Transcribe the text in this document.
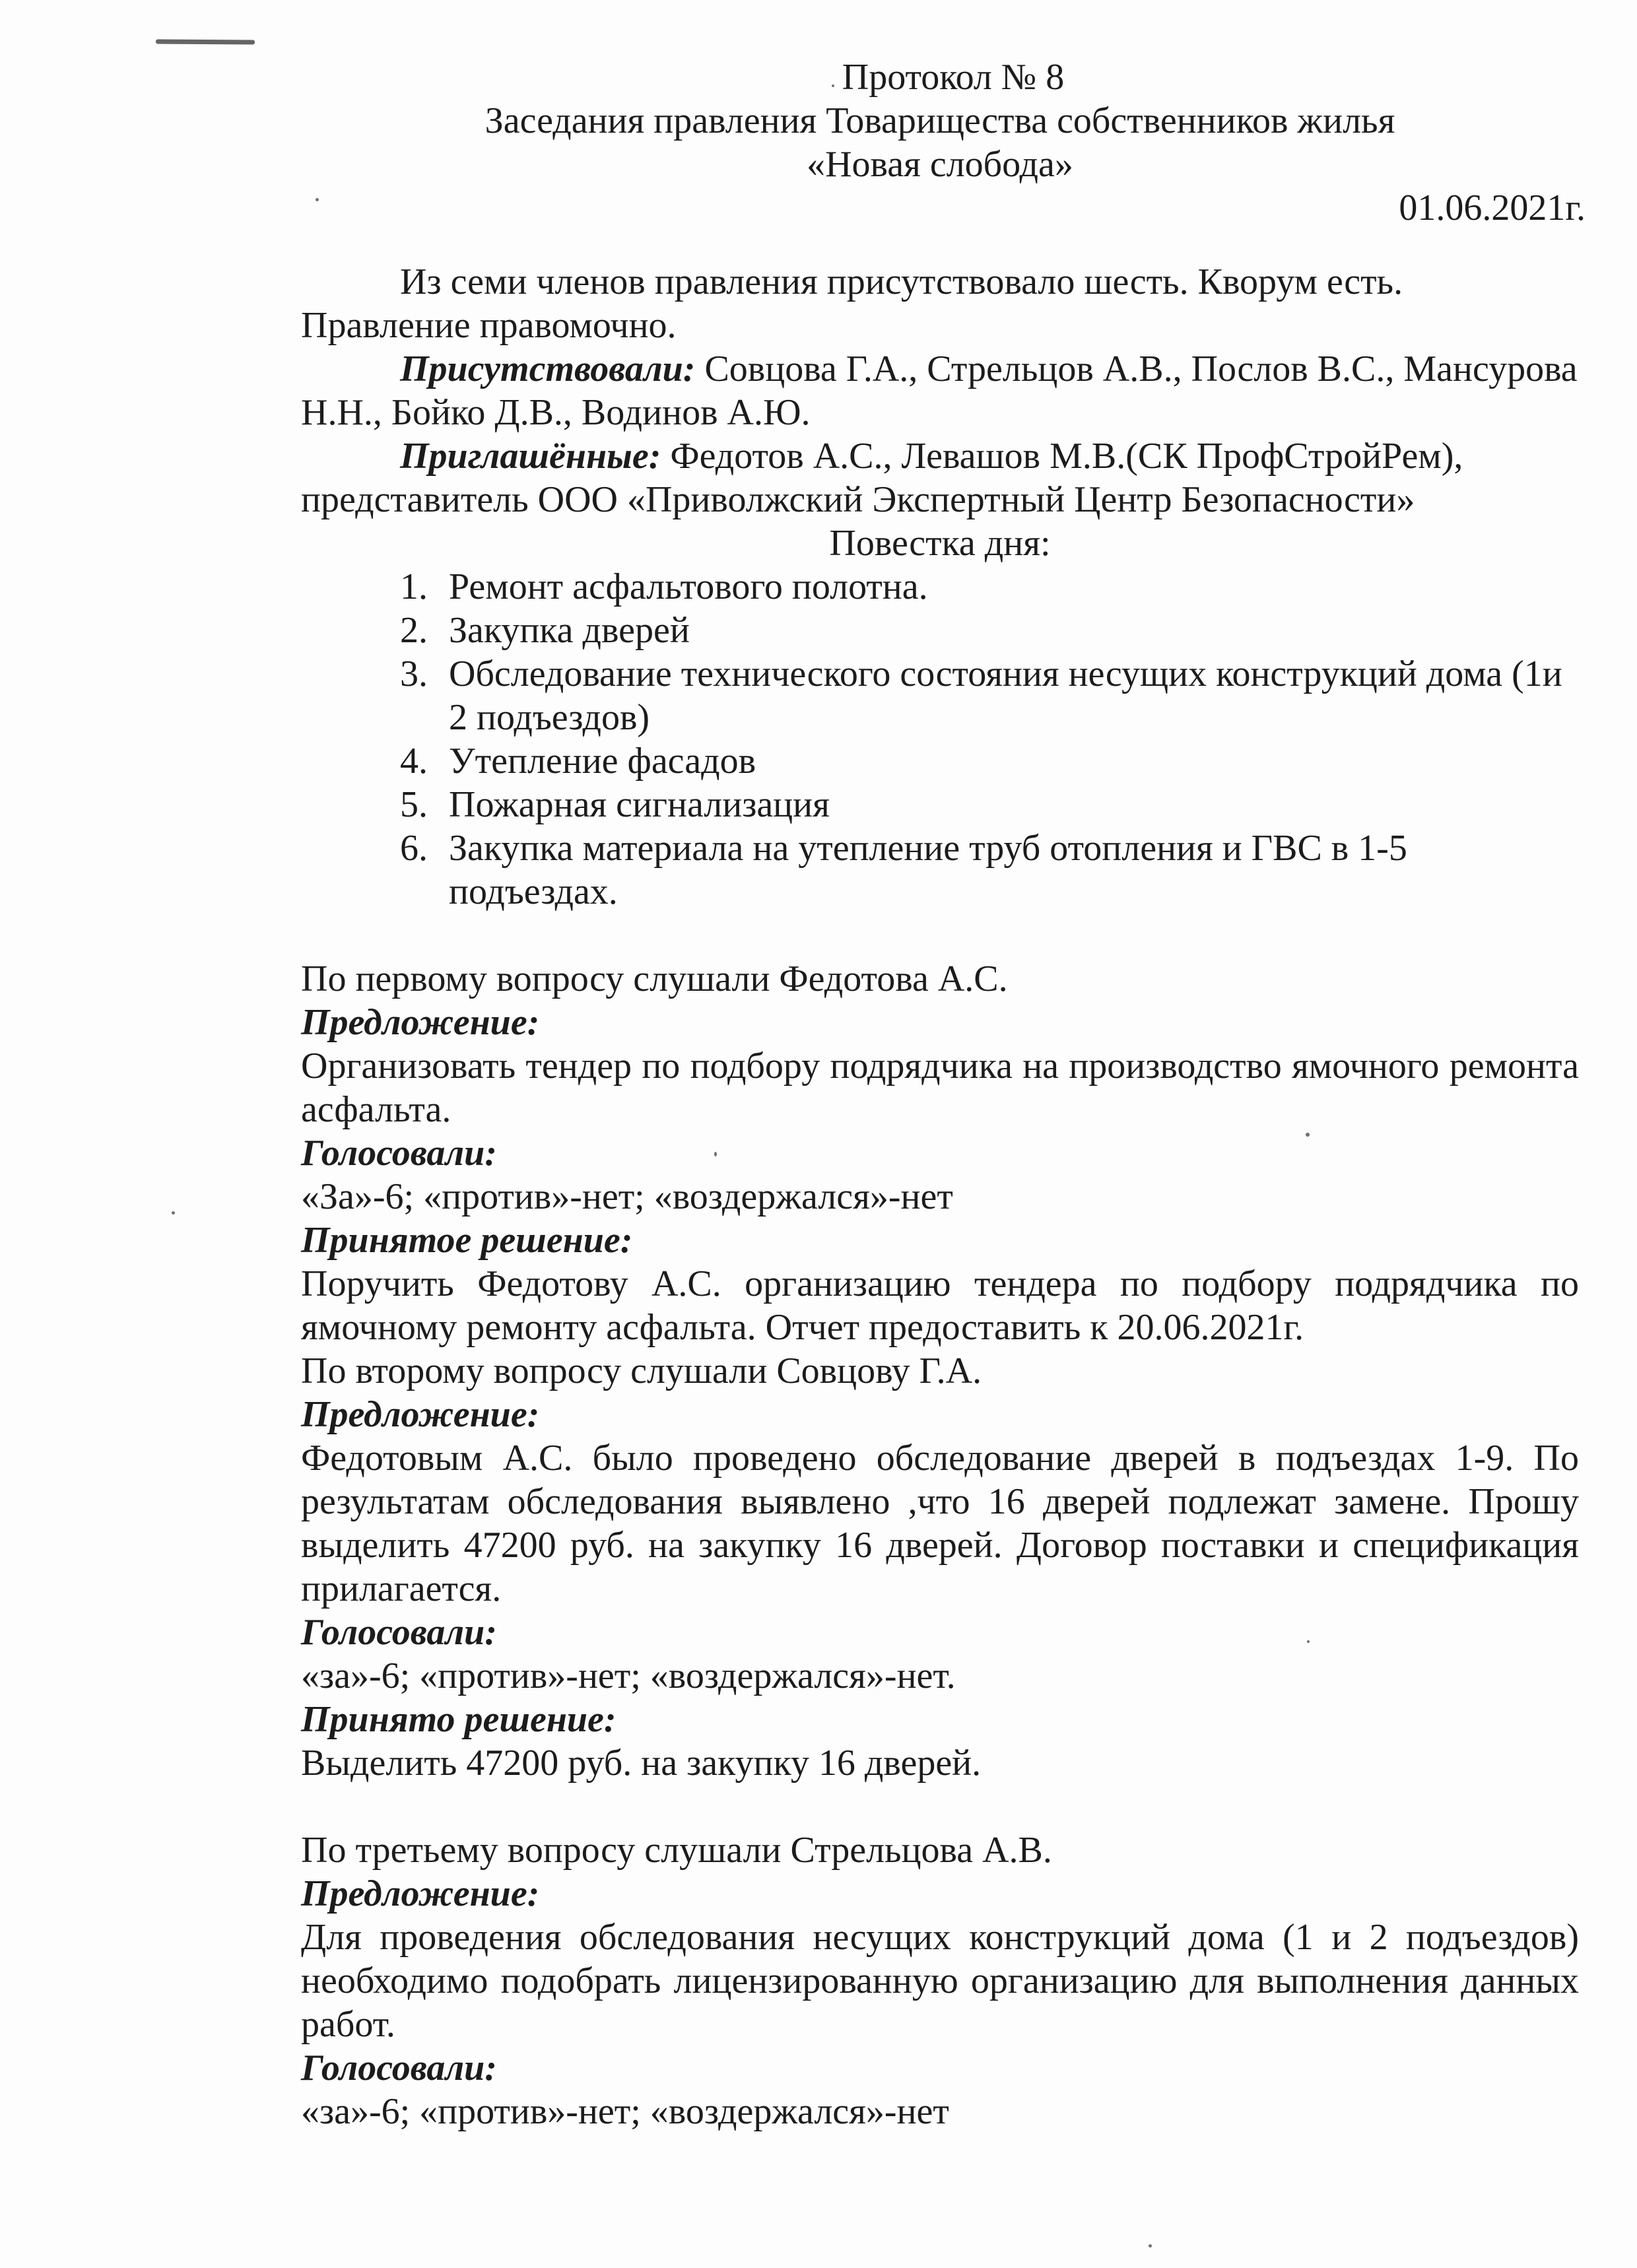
Протокол № 8
Заседания правления Товарищества собственников жилья
«Новая слобода»
01.06.2021г.

Из семи членов правления присутствовало шесть. Кворум есть. Правление правомочно.

Присутствовали: Совцова Г.А., Стрельцов А.В., Послов В.С., Мансурова Н.Н., Бойко Д.В., Водинов А.Ю.

Приглашённые: Федотов А.С., Левашов М.В.(СК ПрофСтройРем), представитель ООО «Приволжский Экспертный Центр Безопасности»

Повестка дня:
1. Ремонт асфальтового полотна.
2. Закупка дверей
3. Обследование технического состояния несущих конструкций дома (1и 2 подъездов)
4. Утепление фасадов
5. Пожарная сигнализация
6. Закупка материала на утепление труб отопления и ГВС в 1-5 подъездах.

По первому вопросу слушали Федотова А.С.

Предложение:

Организовать тендер по подбору подрядчика на производство ямочного ремонта асфальта.

Голосовали:

«За»-6; «против»-нет; «воздержался»-нет

Принятое решение:

Поручить Федотову А.С. организацию тендера по подбору подрядчика по ямочному ремонту асфальта. Отчет предоставить к 20.06.2021г.

По второму вопросу слушали Совцову Г.А.

Предложение:

Федотовым А.С. было проведено обследование дверей в подъездах 1-9. По результатам обследования выявлено ,что 16 дверей подлежат замене. Прошу выделить 47200 руб. на закупку 16 дверей. Договор поставки и спецификация прилагается.

Голосовали:

«за»-6; «против»-нет; «воздержался»-нет.

Принято решение:

Выделить 47200 руб. на закупку 16 дверей.

По третьему вопросу слушали Стрельцова А.В.

Предложение:

Для проведения обследования несущих конструкций дома (1 и 2 подъездов) необходимо подобрать лицензированную организацию для выполнения данных работ.

Голосовали:

«за»-6; «против»-нет; «воздержался»-нет
